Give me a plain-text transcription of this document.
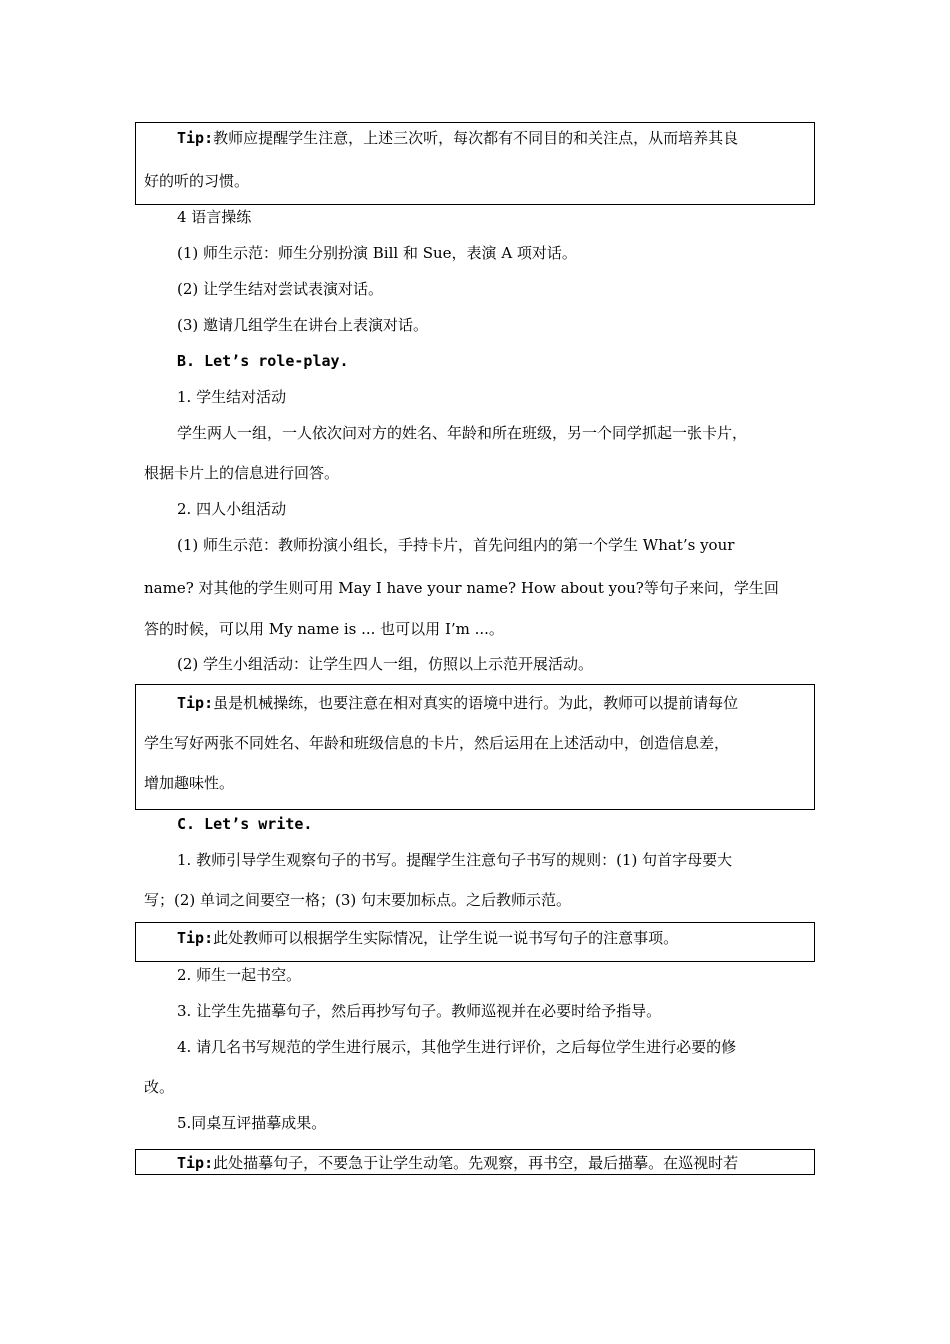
Tip:教师应提醒学生注意，上述三次听，每次都有不同目的和关注点，从而培养其良
好的听的习惯。
4 语言操练
(1) 师生示范：师生分别扮演 Bill 和 Sue，表演 A 项对话。
(2) 让学生结对尝试表演对话。
(3) 邀请几组学生在讲台上表演对话。
B. Let’s role-play.
1. 学生结对活动
学生两人一组，一人依次问对方的姓名、年龄和所在班级，另一个同学抓起一张卡片，
根据卡片上的信息进行回答。
2. 四人小组活动
(1) 师生示范：教师扮演小组长，手持卡片，首先问组内的第一个学生 What’s your
name? 对其他的学生则可用 May I have your name? How about you?等句子来问，学生回
答的时候，可以用 My name is ... 也可以用 I’m ...。
(2) 学生小组活动：让学生四人一组，仿照以上示范开展活动。
Tip:虽是机械操练，也要注意在相对真实的语境中进行。为此，教师可以提前请每位
学生写好两张不同姓名、年龄和班级信息的卡片，然后运用在上述活动中，创造信息差，
增加趣味性。
C. Let’s write.
1. 教师引导学生观察句子的书写。提醒学生注意句子书写的规则：(1) 句首字母要大
写；(2) 单词之间要空一格；(3) 句末要加标点。之后教师示范。
Tip:此处教师可以根据学生实际情况，让学生说一说书写句子的注意事项。
2. 师生一起书空。
3. 让学生先描摹句子，然后再抄写句子。教师巡视并在必要时给予指导。
4. 请几名书写规范的学生进行展示，其他学生进行评价，之后每位学生进行必要的修
改。
5.同桌互评描摹成果。
Tip:此处描摹句子，不要急于让学生动笔。先观察，再书空，最后描摹。在巡视时若
